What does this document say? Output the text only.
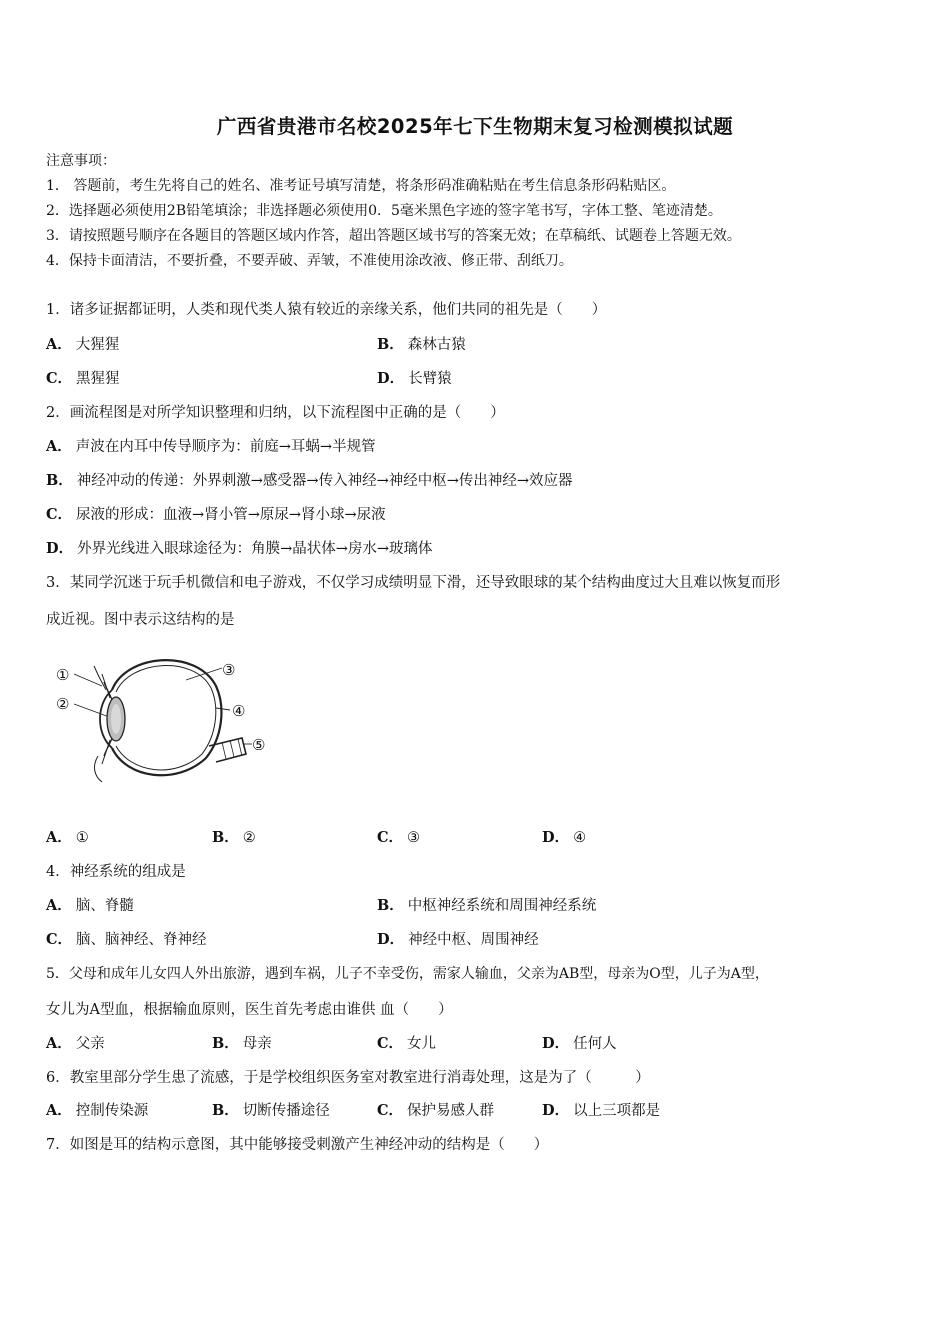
广西省贵港市名校2025年七下生物期末复习检测模拟试题
注意事项：
1． 答题前，考生先将自己的姓名、准考证号填写清楚，将条形码准确粘贴在考生信息条形码粘贴区。
2．选择题必须使用2B铅笔填涂；非选择题必须使用0．5毫米黑色字迹的签字笔书写，字体工整、笔迹清楚。
3．请按照题号顺序在各题目的答题区域内作答，超出答题区域书写的答案无效；在草稿纸、试题卷上答题无效。
4．保持卡面清洁，不要折叠，不要弄破、弄皱，不准使用涂改液、修正带、刮纸刀。
1．诸多证据都证明，人类和现代类人猿有较近的亲缘关系，他们共同的祖先是（　　）
A． 大猩猩	B． 森林古猿
C． 黑猩猩	D． 长臂猿
2．画流程图是对所学知识整理和归纳，以下流程图中正确的是（　　）
A． 声波在内耳中传导顺序为：前庭→耳蜗→半规管
B． 神经冲动的传递：外界刺激→感受器→传入神经→神经中枢→传出神经→效应器
C． 尿液的形成：血液→肾小管→原尿→肾小球→尿液
D． 外界光线进入眼球途径为：角膜→晶状体→房水→玻璃体
3．某同学沉迷于玩手机微信和电子游戏，不仅学习成绩明显下滑，还导致眼球的某个结构曲度过大且难以恢复而形
成近视。图中表示这结构的是
①
②
③
④
⑤
A． ①	B． ②	C． ③	D． ④
4．神经系统的组成是
A． 脑、脊髓	B． 中枢神经系统和周围神经系统
C． 脑、脑神经、脊神经	D． 神经中枢、周围神经
5．父母和成年儿女四人外出旅游，遇到车祸，儿子不幸受伤，需家人输血，父亲为AB型，母亲为O型，儿子为A型，
女儿为A型血，根据输血原则，医生首先考虑由谁供 血（　　）
A． 父亲	B． 母亲	C． 女儿	D． 任何人
6．教室里部分学生患了流感，于是学校组织医务室对教室进行消毒处理，这是为了（　　　）
A． 控制传染源	B． 切断传播途径	C． 保护易感人群	D． 以上三项都是
7．如图是耳的结构示意图，其中能够接受刺激产生神经冲动的结构是（　　）
